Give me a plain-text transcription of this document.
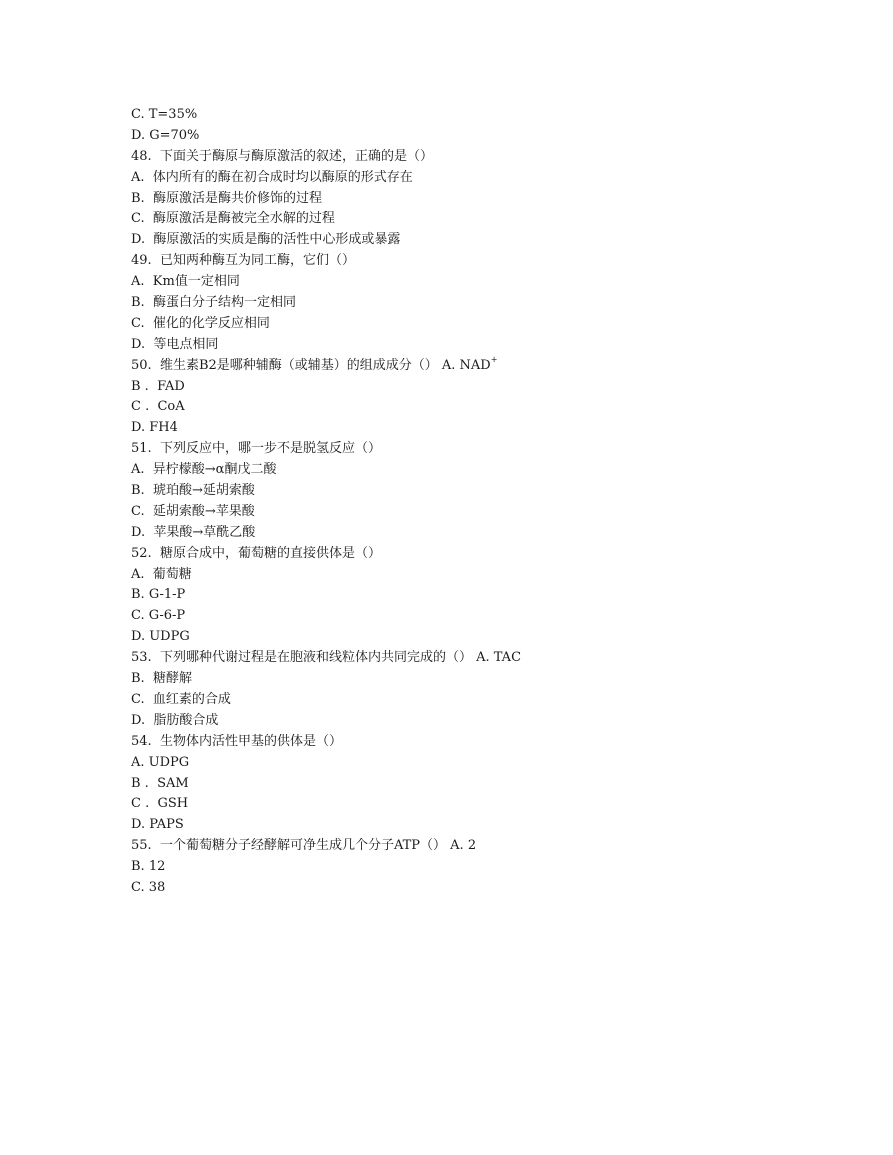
C. T=35%
D. G=70%
48.  下面关于酶原与酶原激活的叙述，正确的是（）
A.  体内所有的酶在初合成时均以酶原的形式存在
B.  酶原激活是酶共价修饰的过程
C.  酶原激活是酶被完全水解的过程
D.  酶原激活的实质是酶的活性中心形成或暴露
49.  已知两种酶互为同工酶，它们（）
A.  Km值一定相同
B.  酶蛋白分子结构一定相同
C.  催化的化学反应相同
D.  等电点相同
50.  维生素B2是哪种辅酶（或辅基）的组成成分（） A. NAD+
B .  FAD
C .  CoA
D. FH4
51.  下列反应中，哪一步不是脱氢反应（）
A.  异柠檬酸→α酮戊二酸
B.  琥珀酸→延胡索酸
C.  延胡索酸→苹果酸
D.  苹果酸→草酰乙酸
52.  糖原合成中，葡萄糖的直接供体是（）
A.  葡萄糖
B. G-1-P
C. G-6-P
D. UDPG
53.  下列哪种代谢过程是在胞液和线粒体内共同完成的（） A. TAC
B.  糖酵解
C.  血红素的合成
D.  脂肪酸合成
54.  生物体内活性甲基的供体是（）
A. UDPG
B .  SAM
C .  GSH
D. PAPS
55.  一个葡萄糖分子经酵解可净生成几个分子ATP（） A. 2
B. 12
C. 38
